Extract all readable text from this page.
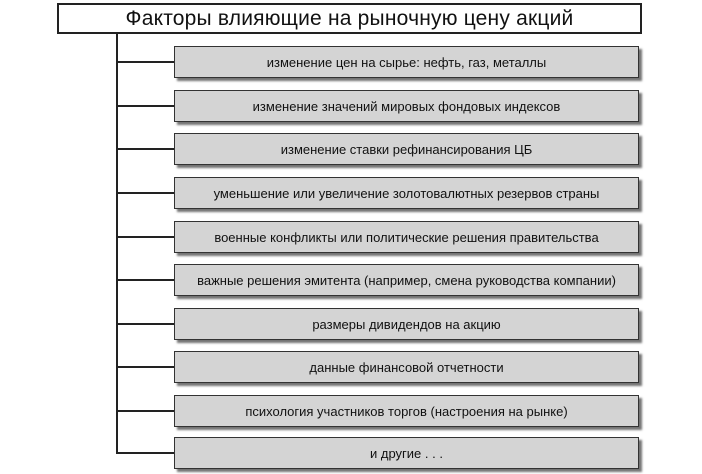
Факторы влияющие на рыночную цену акций
изменение цен на сырье: нефть, газ, металлы
изменение значений мировых фондовых индексов
изменение ставки рефинансирования ЦБ
уменьшение или увеличение золотовалютных резервов страны
военные конфликты или политические решения правительства
важные решения эмитента (например, смена руководства компании)
размеры дивидендов на акцию
данные финансовой отчетности
психология участников торгов (настроения на рынке)
и другие . . .
